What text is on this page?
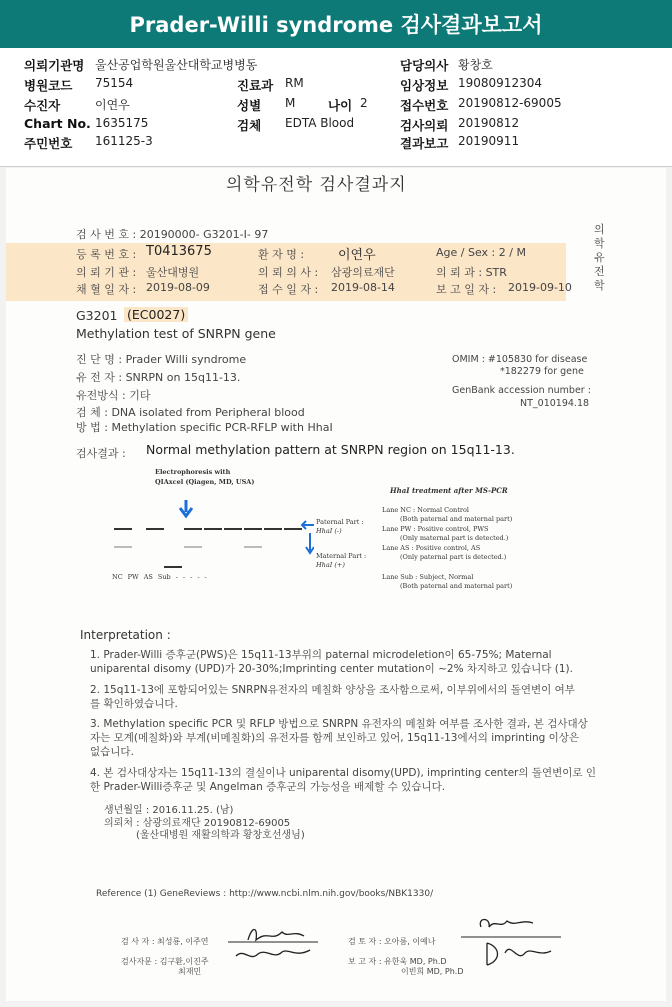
Prader-Willi syndrome 검사결과보고서
의뢰기관명 울산공업학원울산대학교병병동	담당의사 황창호
병원코드 75154	진료과 RM	임상정보 19080912304
수진자	이연우	성별 M	나이 2	접수번호 20190812-69005
Chart No. 1635175	검체 EDTA Blood	검사의뢰 20190812
주민번호 161125-3	결과보고 20190911
의학유전학 검사결과지
의학유전학
검 사 번 호 : 20190000- G3201-I- 97
등 록 번 호 : T0413675	환 자 명 :	이연우	Age / Sex : 2 / M
의 뢰 기 관 : 울산대병원	의 뢰 의 사 : 삼광의료재단	의 뢰 과 : STR
채 혈 일 자 : 2019-08-09	접 수 일 자 : 2019-08-14	보 고 일 자 : 2019-09-10
G3201 (EC0027)
Methylation test of SNRPN gene
진 단 명 : Prader Willi syndrome
유 전 자 : SNRPN on 15q11-13.
유전방식 : 기타
검 체 : DNA isolated from Peripheral blood
방 법 : Methylation specific PCR-RFLP with HhaI
OMIM : #105830 for disease
*182279 for gene
GenBank accession number :
NT_010194.18
검사결과 : Normal methylation pattern at SNRPN region on 15q11-13.
Electrophoresis with
QIAxcel (Qiagen, MD, USA)
NC PW AS Sub - - - - -
Paternal Part :
HhaI (-)
Maternal Part :
HhaI (+)
HhaI treatment after MS-PCR
Lane NC : Normal Control
(Both paternal and maternal part)
Lane PW : Positive control, PWS
(Only maternal part is detected.)
Lane AS : Positive control, AS
(Only paternal part is detected.)
Lane Sub : Subject, Normal
(Both paternal and maternal part)
Interpretation :
1. Prader-Willi 증후군(PWS)은 15q11-13부위의 paternal microdeletion이 65-75%; Maternal
uniparental disomy (UPD)가 20-30%;Imprinting center mutation이 ~2% 차지하고 있습니다 (1).
2. 15q11-13에 포함되어있는 SNRPN유전자의 메칠화 양상을 조사함으로써, 이부위에서의 돌연변이 여부
를 확인하였습니다.
3. Methylation specific PCR 및 RFLP 방법으로 SNRPN 유전자의 메칠화 여부를 조사한 결과, 본 검사대상
자는 모계(메칠화)와 부계(비메칠화)의 유전자를 함께 보인하고 있어, 15q11-13에서의 imprinting 이상은
없습니다.
4. 본 검사대상자는 15q11-13의 결실이나 uniparental disomy(UPD), imprinting center의 돌연변이로 인
한 Prader-Willi증후군 및 Angelman 증후군의 가능성을 배제할 수 있습니다.
생년월일 : 2016.11.25. (남)
의뢰처 : 삼광의료재단 20190812-69005
(울산대병원 재활의학과 황창호선생님)
Reference (1) GeneReviews : http://www.ncbi.nlm.nih.gov/books/NBK1330/
검 사 자 : 최성룡, 이주연
검사자문 : 김구환,이진주
최재민
검 토 자 : 오아름, 이예나
보 고 자 : 유한욱 MD, Ph.D
이빈희 MD, Ph.D
